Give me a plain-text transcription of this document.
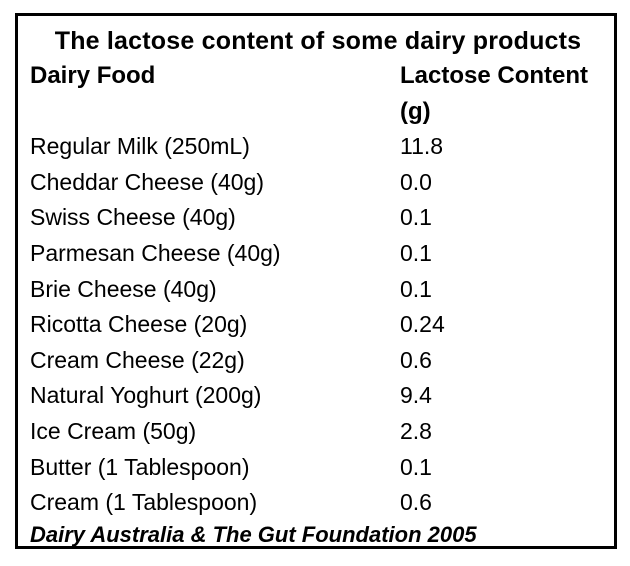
The lactose content of some dairy products
Dairy Food	Lactose Content
(g)
Regular Milk (250mL)	11.8
Cheddar Cheese (40g)	0.0
Swiss Cheese (40g)	0.1
Parmesan Cheese (40g)	0.1
Brie Cheese (40g)	0.1
Ricotta Cheese (20g)	0.24
Cream Cheese (22g)	0.6
Natural Yoghurt (200g)	9.4
Ice Cream (50g)	2.8
Butter (1 Tablespoon)	0.1
Cream (1 Tablespoon)	0.6
Dairy Australia & The Gut Foundation 2005
